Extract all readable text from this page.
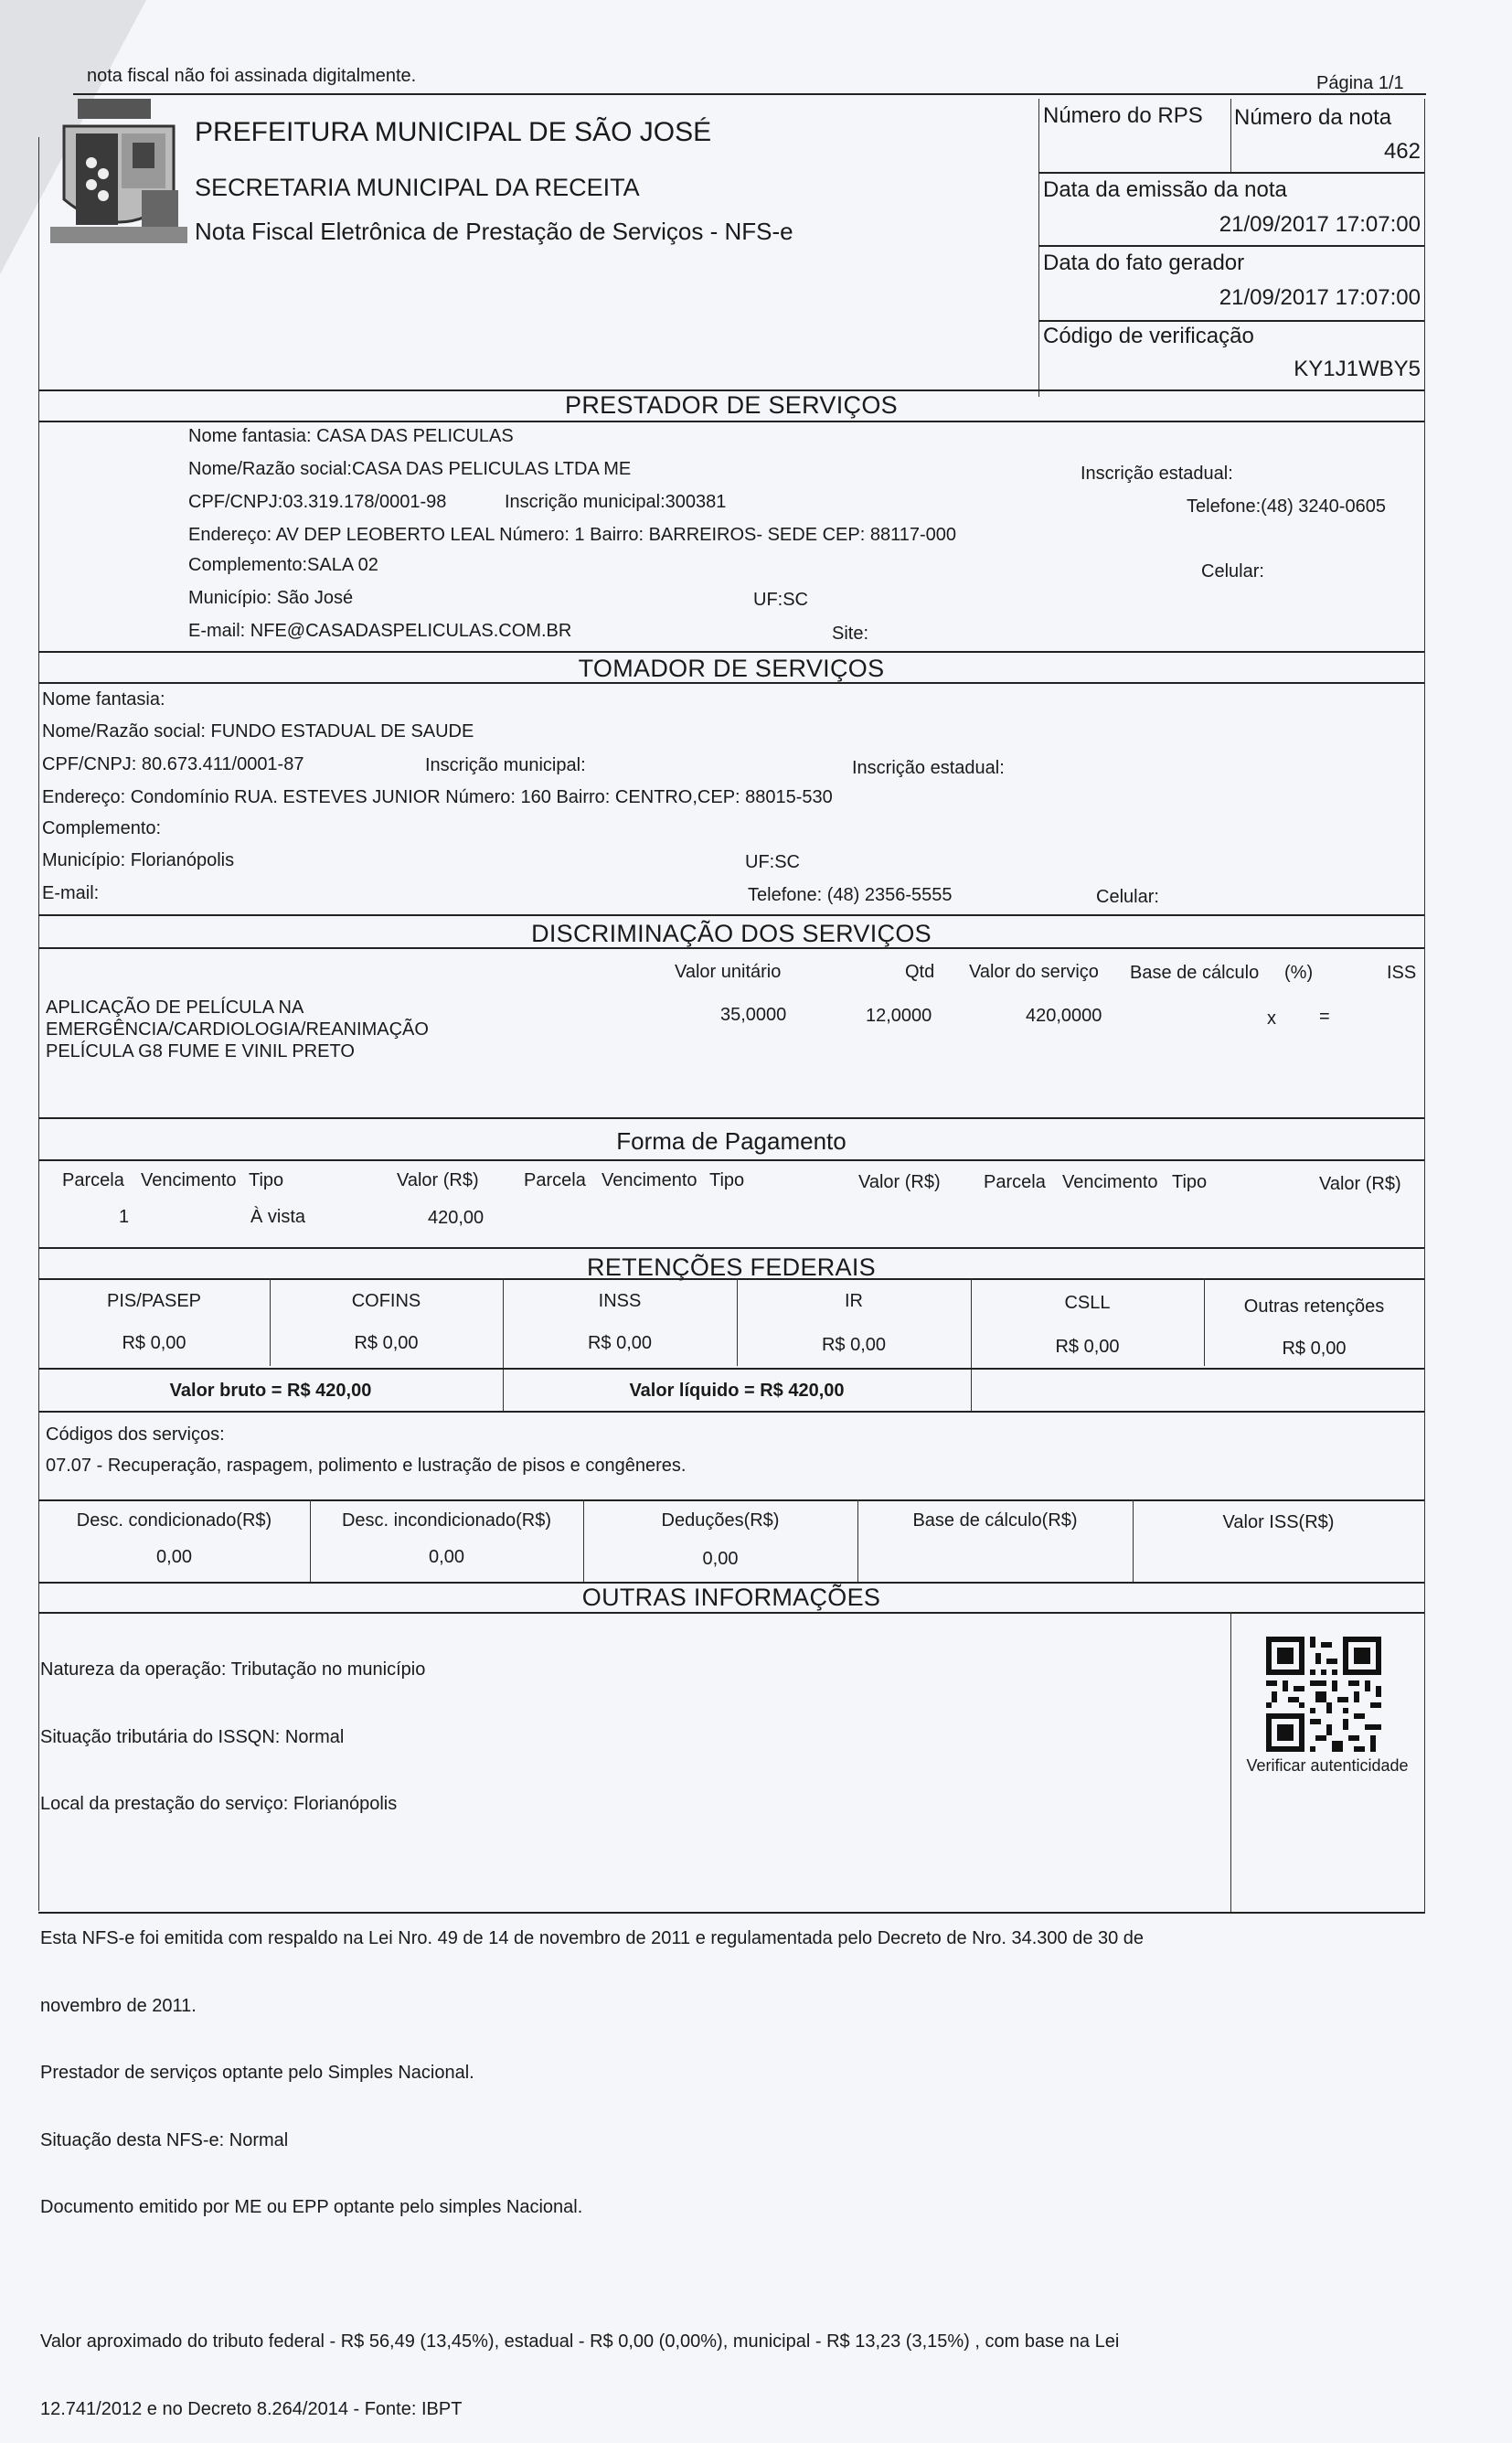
nota fiscal não foi assinada digitalmente.	Página 1/1
PREFEITURA MUNICIPAL DE SÃO JOSÉ
SECRETARIA MUNICIPAL DA RECEITA
Nota Fiscal Eletrônica de Prestação de Serviços - NFS-e
Número do RPS Número da nota
462
Data da emissão da nota
21/09/2017 17:07:00
Data do fato gerador
21/09/2017 17:07:00
Código de verificação
KY1J1WBY5
PRESTADOR DE SERVIÇOS
Nome fantasia: CASA DAS PELICULAS
Nome/Razão social:CASA DAS PELICULAS LTDA ME
CPF/CNPJ:03.319.178/0001-98	Inscrição municipal:300381
Inscrição estadual:
Telefone:(48) 3240-0605
Endereço: AV DEP LEOBERTO LEAL Número: 1 Bairro: BARREIROS- SEDE CEP: 88117-000
Complemento:SALA 02	Celular:
Município: São José	UF:SC
E-mail: NFE@CASADASPELICULAS.COM.BR	Site:
TOMADOR DE SERVIÇOS
Nome fantasia:
Nome/Razão social: FUNDO ESTADUAL DE SAUDE
CPF/CNPJ: 80.673.411/0001-87	Inscrição municipal:	Inscrição estadual:
Endereço: Condomínio RUA. ESTEVES JUNIOR Número: 160 Bairro: CENTRO,CEP: 88015-530
Complemento:
Município: Florianópolis	UF:SC
E-mail:	Telefone: (48) 2356-5555	Celular:
DISCRIMINAÇÃO DOS SERVIÇOS
Valor unitário	Qtd Valor do serviço Base de cálculo (%)	ISS
APLICAÇÃO DE PELÍCULA NA
EMERGÊNCIA/CARDIOLOGIA/REANIMAÇÃO
PELÍCULA G8 FUME E VINIL PRETO
35,0000	12,0000	420,0000	x =
Forma de Pagamento
Parcela Vencimento Tipo	Valor (R$) Parcela Vencimento Tipo	Valor (R$) Parcela Vencimento Tipo	Valor (R$)
1	À vista	420,00
RETENÇÕES FEDERAIS
PIS/PASEP	COFINS	INSS	IR	CSLL	Outras retenções
R$ 0,00	R$ 0,00	R$ 0,00	R$ 0,00	R$ 0,00	R$ 0,00
Valor bruto = R$ 420,00	Valor líquido = R$ 420,00
Códigos dos serviços:
07.07 - Recuperação, raspagem, polimento e lustração de pisos e congêneres.
Desc. condicionado(R$)	Desc. incondicionado(R$)	Deduções(R$)	Base de cálculo(R$)	Valor ISS(R$)
0,00	0,00	0,00
OUTRAS INFORMAÇÕES

Natureza da operação: Tributação no município

Situação tributária do ISSQN: Normal

Local da prestação do serviço: Florianópolis

Esta NFS-e foi emitida com respaldo na Lei Nro. 49 de 14 de novembro de 2011 e regulamentada pelo Decreto de Nro. 34.300 de 30 de

novembro de 2011.

Prestador de serviços optante pelo Simples Nacional.

Situação desta NFS-e: Normal

Documento emitido por ME ou EPP optante pelo simples Nacional.

Valor aproximado do tributo federal - R$ 56,49 (13,45%), estadual - R$ 0,00 (0,00%), municipal - R$ 13,23 (3,15%) , com base na Lei

12.741/2012 e no Decreto 8.264/2014 - Fonte: IBPT

Verificar autenticidade
